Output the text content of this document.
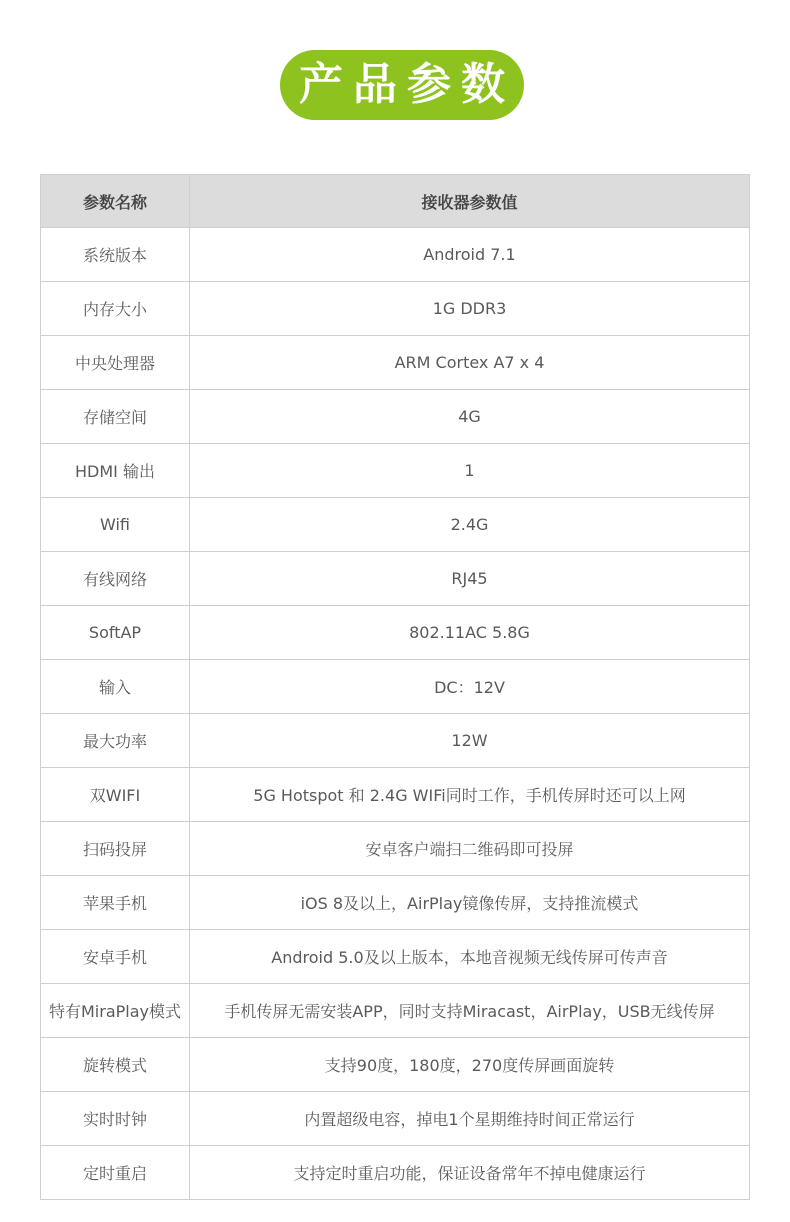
产品参数
参数名称	接收器参数值
系统版本	Android 7.1
内存大小	1G DDR3
中央处理器	ARM Cortex A7 x 4
存储空间	4G
HDMI 输出	1
Wifi	2.4G
有线网络	RJ45
SoftAP	802.11AC 5.8G
输入	DC：12V
最大功率	12W
双WIFI	5G Hotspot 和 2.4G WIFi同时工作，手机传屏时还可以上网
扫码投屏	安卓客户端扫二维码即可投屏
苹果手机	iOS 8及以上，AirPlay镜像传屏，支持推流模式
安卓手机	Android 5.0及以上版本，本地音视频无线传屏可传声音
特有MiraPlay模式	手机传屏无需安装APP，同时支持Miracast，AirPlay，USB无线传屏
旋转模式	支持90度，180度，270度传屏画面旋转
实时时钟	内置超级电容，掉电1个星期维持时间正常运行
定时重启	支持定时重启功能，保证设备常年不掉电健康运行
